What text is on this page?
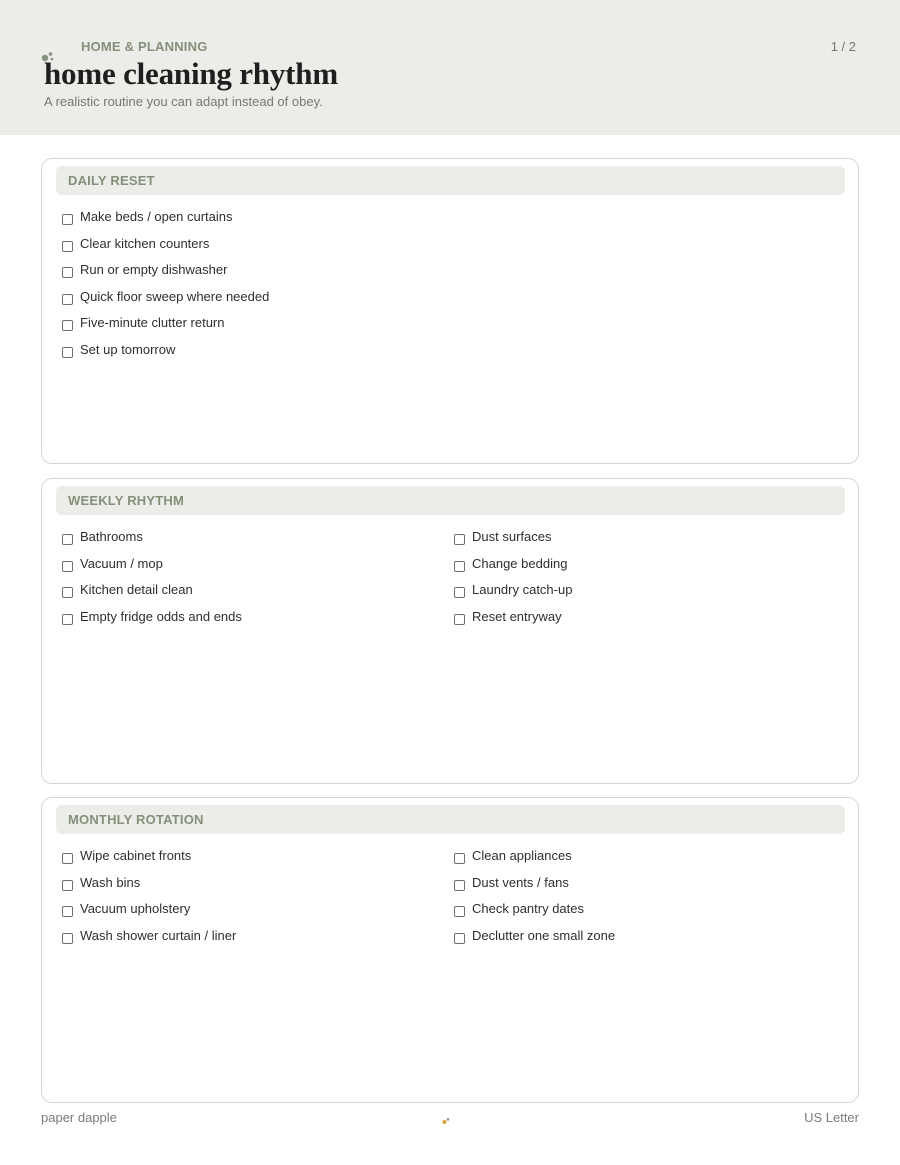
HOME & PLANNING	1 / 2
home cleaning rhythm
A realistic routine you can adapt instead of obey.
DAILY RESET
Make beds / open curtains
Clear kitchen counters
Run or empty dishwasher
Quick floor sweep where needed
Five-minute clutter return
Set up tomorrow
WEEKLY RHYTHM
Bathrooms
Vacuum / mop
Kitchen detail clean
Empty fridge odds and ends
Dust surfaces
Change bedding
Laundry catch-up
Reset entryway
MONTHLY ROTATION
Wipe cabinet fronts
Wash bins
Vacuum upholstery
Wash shower curtain / liner
Clean appliances
Dust vents / fans
Check pantry dates
Declutter one small zone
paper dapple	US Letter
